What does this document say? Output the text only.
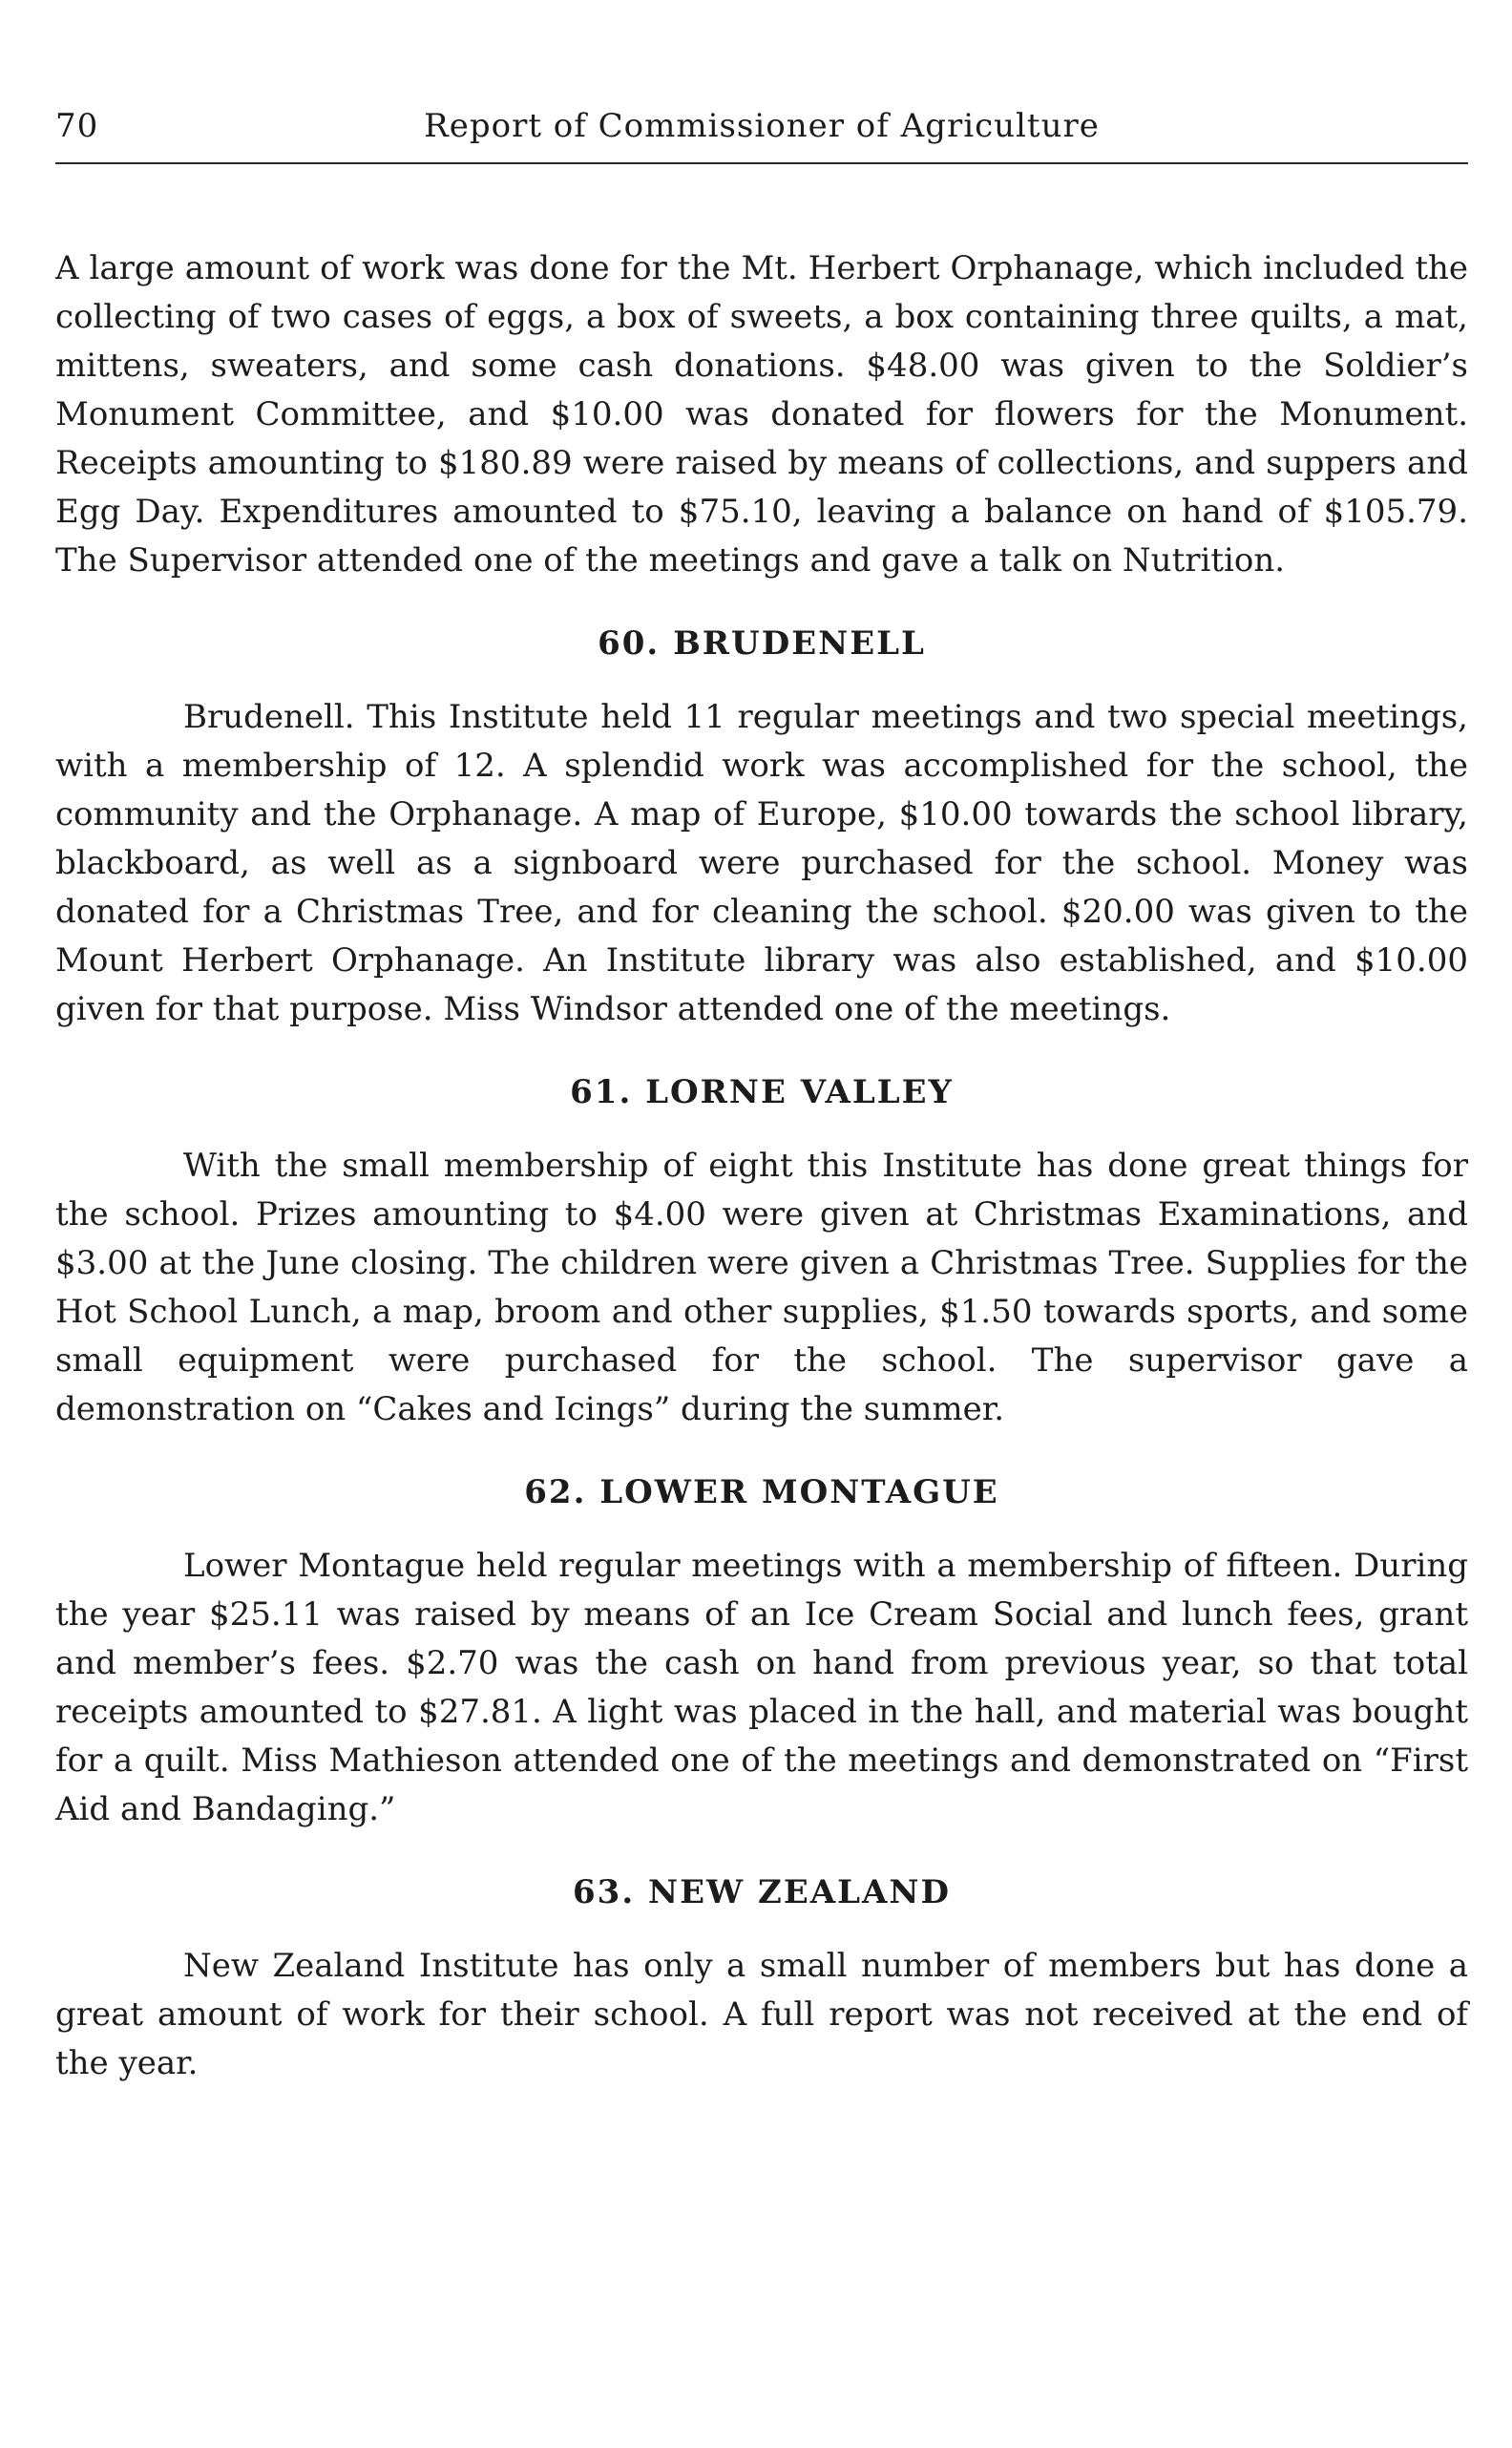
70	Report of Commissioner of Agriculture

A large amount of work was done for the Mt. Herbert Orphanage, which included the collecting of two cases of eggs, a box of sweets, a box containing three quilts, a mat, mittens, sweaters, and some cash donations. $48.00 was given to the Soldier’s Monument Committee, and $10.00 was donated for flowers for the Monument. Receipts amounting to $180.89 were raised by means of collections, and suppers and Egg Day. Expenditures amounted to $75.10, leaving a balance on hand of $105.79. The Supervisor attended one of the meetings and gave a talk on Nutrition.

60. BRUDENELL

Brudenell. This Institute held 11 regular meetings and two special meetings, with a membership of 12. A splendid work was accomplished for the school, the community and the Orphanage. A map of Europe, $10.00 towards the school library, blackboard, as well as a signboard were purchased for the school. Money was donated for a Christmas Tree, and for cleaning the school. $20.00 was given to the Mount Herbert Orphanage. An Institute library was also established, and $10.00 given for that purpose. Miss Windsor attended one of the meetings.

61. LORNE VALLEY

With the small membership of eight this Institute has done great things for the school. Prizes amounting to $4.00 were given at Christmas Examinations, and $3.00 at the June closing. The children were given a Christmas Tree. Supplies for the Hot School Lunch, a map, broom and other supplies, $1.50 towards sports, and some small equipment were purchased for the school. The supervisor gave a demonstration on “Cakes and Icings” during the summer.

62. LOWER MONTAGUE

Lower Montague held regular meetings with a membership of fifteen. During the year $25.11 was raised by means of an Ice Cream Social and lunch fees, grant and member’s fees. $2.70 was the cash on hand from previous year, so that total receipts amounted to $27.81. A light was placed in the hall, and material was bought for a quilt. Miss Mathieson attended one of the meetings and demonstrated on “First Aid and Bandaging.”

63. NEW ZEALAND

New Zealand Institute has only a small number of members but has done a great amount of work for their school. A full report was not received at the end of the year.
